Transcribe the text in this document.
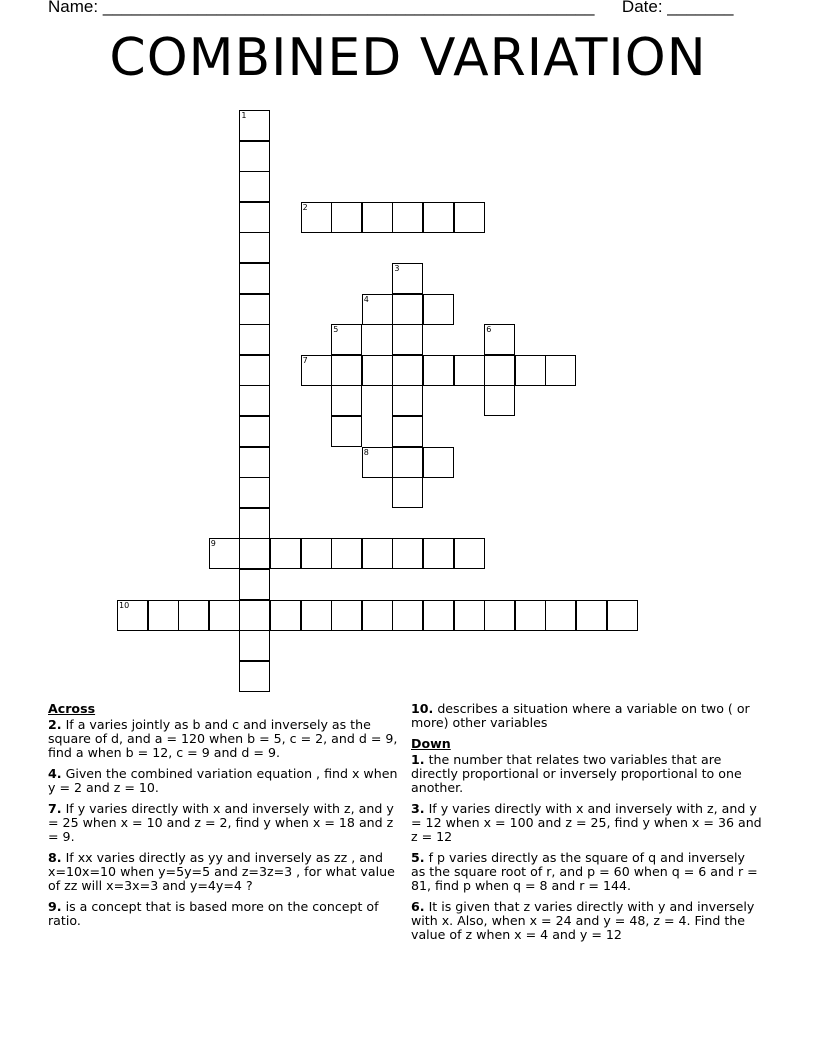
Name: ____________________________________________________ Date: _______
COMBINED VARIATION
1
2
3
4
5	6
7
8
9
10
Across
2. If a varies jointly as b and c and inversely as the square of d, and a = 120 when b = 5, c = 2, and d = 9, find a when b = 12, c = 9 and d = 9.
4. Given the combined variation equation , find x when y = 2 and z = 10.
7. If y varies directly with x and inversely with z, and y = 25 when x = 10 and z = 2, find y when x = 18 and z = 9.
8. If xx varies directly as yy and inversely as zz , and x=10x=10 when y=5y=5 and z=3z=3 , for what value of zz will x=3x=3 and y=4y=4 ?
9. is a concept that is based more on the concept of ratio.
10. describes a situation where a variable on two ( or more) other variables
Down
1. the number that relates two variables that are directly proportional or inversely proportional to one another.
3. If y varies directly with x and inversely with z, and y = 12 when x = 100 and z = 25, find y when x = 36 and z = 12
5. f p varies directly as the square of q and inversely as the square root of r, and p = 60 when q = 6 and r = 81, find p when q = 8 and r = 144.
6. It is given that z varies directly with y and inversely with x. Also, when x = 24 and y = 48, z = 4. Find the value of z when x = 4 and y = 12
